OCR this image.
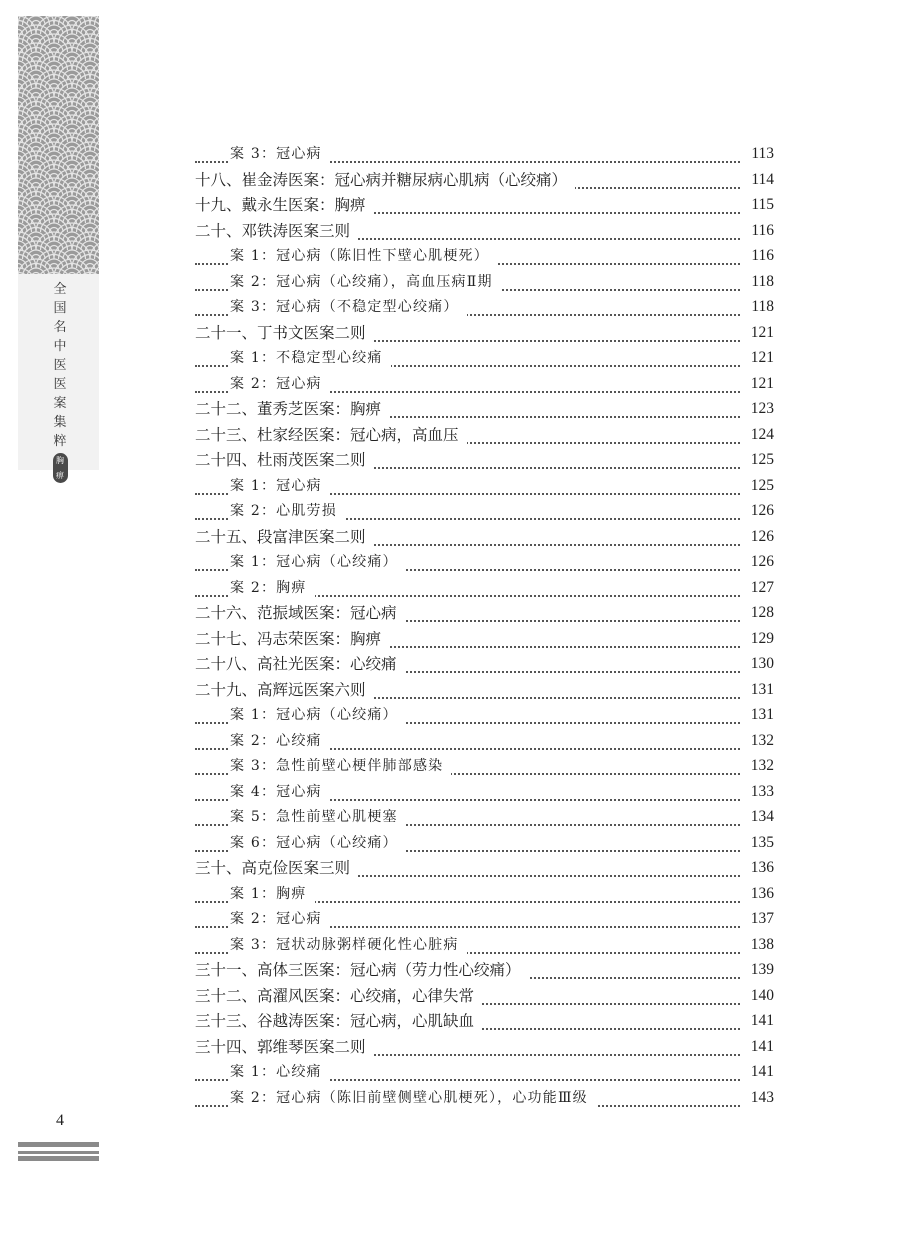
全
国
名
中
医
医
案
集
粹
胸痹
案 3：冠心病	113
十八、崔金涛医案：冠心病并糖尿病心肌病（心绞痛）	114
十九、戴永生医案：胸痹	115
二十、邓铁涛医案三则	116
案 1：冠心病（陈旧性下壁心肌梗死）	116
案 2：冠心病（心绞痛），高血压病Ⅱ期	118
案 3：冠心病（不稳定型心绞痛）	118
二十一、丁书文医案二则	121
案 1：不稳定型心绞痛	121
案 2：冠心病	121
二十二、董秀芝医案：胸痹	123
二十三、杜家经医案：冠心病，高血压	124
二十四、杜雨茂医案二则	125
案 1：冠心病	125
案 2：心肌劳损	126
二十五、段富津医案二则	126
案 1：冠心病（心绞痛）	126
案 2：胸痹	127
二十六、范振域医案：冠心病	128
二十七、冯志荣医案：胸痹	129
二十八、高社光医案：心绞痛	130
二十九、高辉远医案六则	131
案 1：冠心病（心绞痛）	131
案 2：心绞痛	132
案 3：急性前壁心梗伴肺部感染	132
案 4：冠心病	133
案 5：急性前壁心肌梗塞	134
案 6：冠心病（心绞痛）	135
三十、高克俭医案三则	136
案 1：胸痹	136
案 2：冠心病	137
案 3：冠状动脉粥样硬化性心脏病	138
三十一、高体三医案：冠心病（劳力性心绞痛）	139
三十二、高濯风医案：心绞痛，心律失常	140
三十三、谷越涛医案：冠心病，心肌缺血	141
三十四、郭维琴医案二则	141
案 1：心绞痛	141
案 2：冠心病（陈旧前壁侧壁心肌梗死），心功能Ⅲ级	143
4
